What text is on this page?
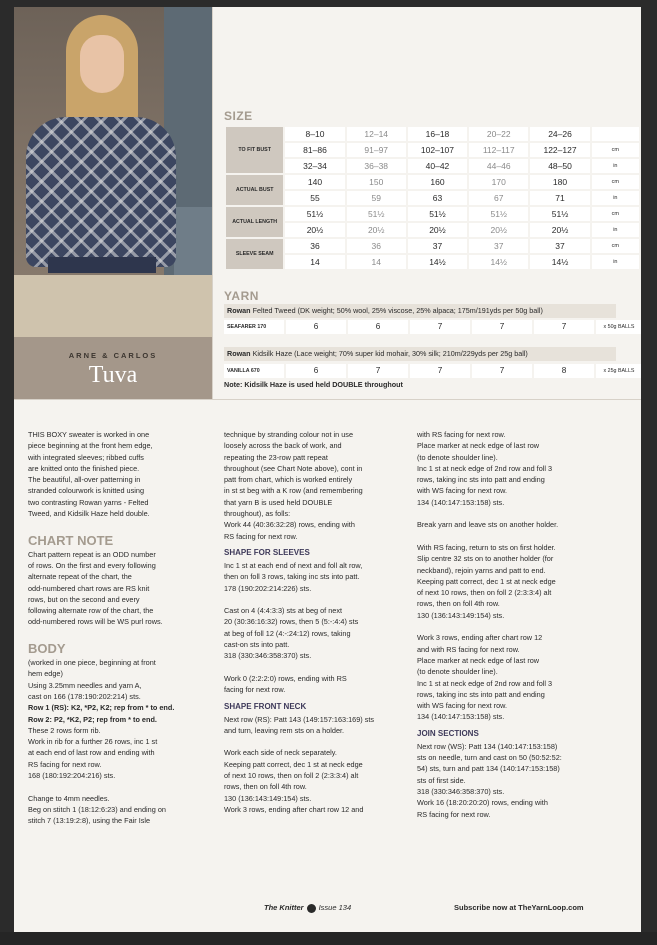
ARNE & CARLOS
Tuva
SIZE
TO FIT BUST	8–10	12–14	16–18	20–22	24–26	
	81–86	91–97	102–107	112–117	122–127	cm
	32–34	36–38	40–42	44–46	48–50	in
ACTUAL BUST	140	150	160	170	180	cm
	55	59	63	67	71	in
ACTUAL LENGTH	51½	51½	51½	51½	51½	cm
	20½	20½	20½	20½	20½	in
SLEEVE SEAM	36	36	37	37	37	cm
	14	14	14½	14½	14½	in
YARN
Rowan Felted Tweed (DK weight; 50% wool, 25% viscose, 25% alpaca; 175m/191yds per 50g ball)
SEAFARER 170	6	6	7	7	7	x 50g BALLS
Rowan Kidsilk Haze (Lace weight; 70% super kid mohair, 30% silk; 210m/229yds per 25g ball)
VANILLA 670	6	7	7	7	8	x 25g BALLS
Note: Kidsilk Haze is used held DOUBLE throughout
THIS BOXY sweater is worked in one
piece beginning at the front hem edge,
with integrated sleeves; ribbed cuffs
are knitted onto the finished piece.
The beautiful, all-over patterning in
stranded colourwork is knitted using
two contrasting Rowan yarns - Felted
Tweed, and Kidsilk Haze held double.
CHART NOTE
Chart pattern repeat is an ODD number
of rows. On the first and every following
alternate repeat of the chart, the
odd-numbered chart rows are RS knit
rows, but on the second and every
following alternate row of the chart, the
odd-numbered rows will be WS purl rows.
BODY
(worked in one piece, beginning at front
hem edge)
Using 3.25mm needles and yarn A,
cast on 166 (178:190:202:214) sts.
Row 1 (RS): K2, *P2, K2; rep from * to end.
Row 2: P2, *K2, P2; rep from * to end.
These 2 rows form rib.
Work in rib for a further 26 rows, inc 1 st
at each end of last row and ending with
RS facing for next row.
168 (180:192:204:216) sts.
Change to 4mm needles.
Beg on stitch 1 (18:12:6:23) and ending on
stitch 7 (13:19:2:8), using the Fair Isle
technique by stranding colour not in use
loosely across the back of work, and
repeating the 23-row patt repeat
throughout (see Chart Note above), cont in
patt from chart, which is worked entirely
in st st beg with a K row (and remembering
that yarn B is used held DOUBLE
throughout), as folls:
Work 44 (40:36:32:28) rows, ending with
RS facing for next row.
SHAPE FOR SLEEVES
Inc 1 st at each end of next and foll alt row,
then on foll 3 rows, taking inc sts into patt.
178 (190:202:214:226) sts.
Cast on 4 (4:4:3:3) sts at beg of next
20 (30:36:16:32) rows, then 5 (5:-:4:4) sts
at beg of foll 12 (4:-:24:12) rows, taking
cast-on sts into patt.
318 (330:346:358:370) sts.
Work 0 (2:2:2:0) rows, ending with RS
facing for next row.
SHAPE FRONT NECK
Next row (RS): Patt 143 (149:157:163:169) sts
and turn, leaving rem sts on a holder.
Work each side of neck separately.
Keeping patt correct, dec 1 st at neck edge
of next 10 rows, then on foll 2 (2:3:3:4) alt
rows, then on foll 4th row.
130 (136:143:149:154) sts.
Work 3 rows, ending after chart row 12 and
with RS facing for next row.
Place marker at neck edge of last row
(to denote shoulder line).
Inc 1 st at neck edge of 2nd row and foll 3
rows, taking inc sts into patt and ending
with WS facing for next row.
134 (140:147:153:158) sts.
Break yarn and leave sts on another holder.
With RS facing, return to sts on first holder.
Slip centre 32 sts on to another holder (for
neckband), rejoin yarns and patt to end.
Keeping patt correct, dec 1 st at neck edge
of next 10 rows, then on foll 2 (2:3:3:4) alt
rows, then on foll 4th row.
130 (136:143:149:154) sts.
Work 3 rows, ending after chart row 12
and with RS facing for next row.
Place marker at neck edge of last row
(to denote shoulder line).
Inc 1 st at neck edge of 2nd row and foll 3
rows, taking inc sts into patt and ending
with WS facing for next row.
134 (140:147:153:158) sts.
JOIN SECTIONS
Next row (WS): Patt 134 (140:147:153:158)
sts on needle, turn and cast on 50 (50:52:52:
54) sts, turn and patt 134 (140:147:153:158)
sts of first side.
318 (330:346:358:370) sts.
Work 16 (18:20:20:20) rows, ending with
RS facing for next row.
The Knitter Issue 134	Subscribe now at TheYarnLoop.com
